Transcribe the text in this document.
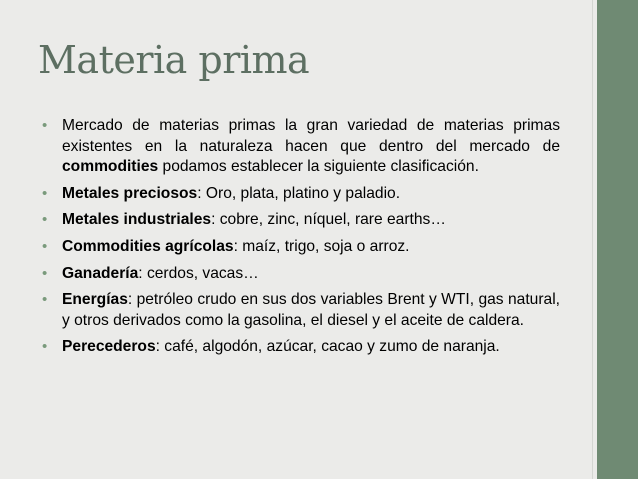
Materia prima
• Mercado de materias primas la gran variedad de materias primas existentes en la naturaleza hacen que dentro del mercado de commodities podamos establecer la siguiente clasificación.
• Metales preciosos: Oro, plata, platino y paladio.
• Metales industriales: cobre, zinc, níquel, rare earths…
• Commodities agrícolas: maíz, trigo, soja o arroz.
• Ganadería: cerdos, vacas…
• Energías: petróleo crudo en sus dos variables Brent y WTI, gas natural, y otros derivados como la gasolina, el diesel y el aceite de caldera.
• Perecederos: café, algodón, azúcar, cacao y zumo de naranja.
